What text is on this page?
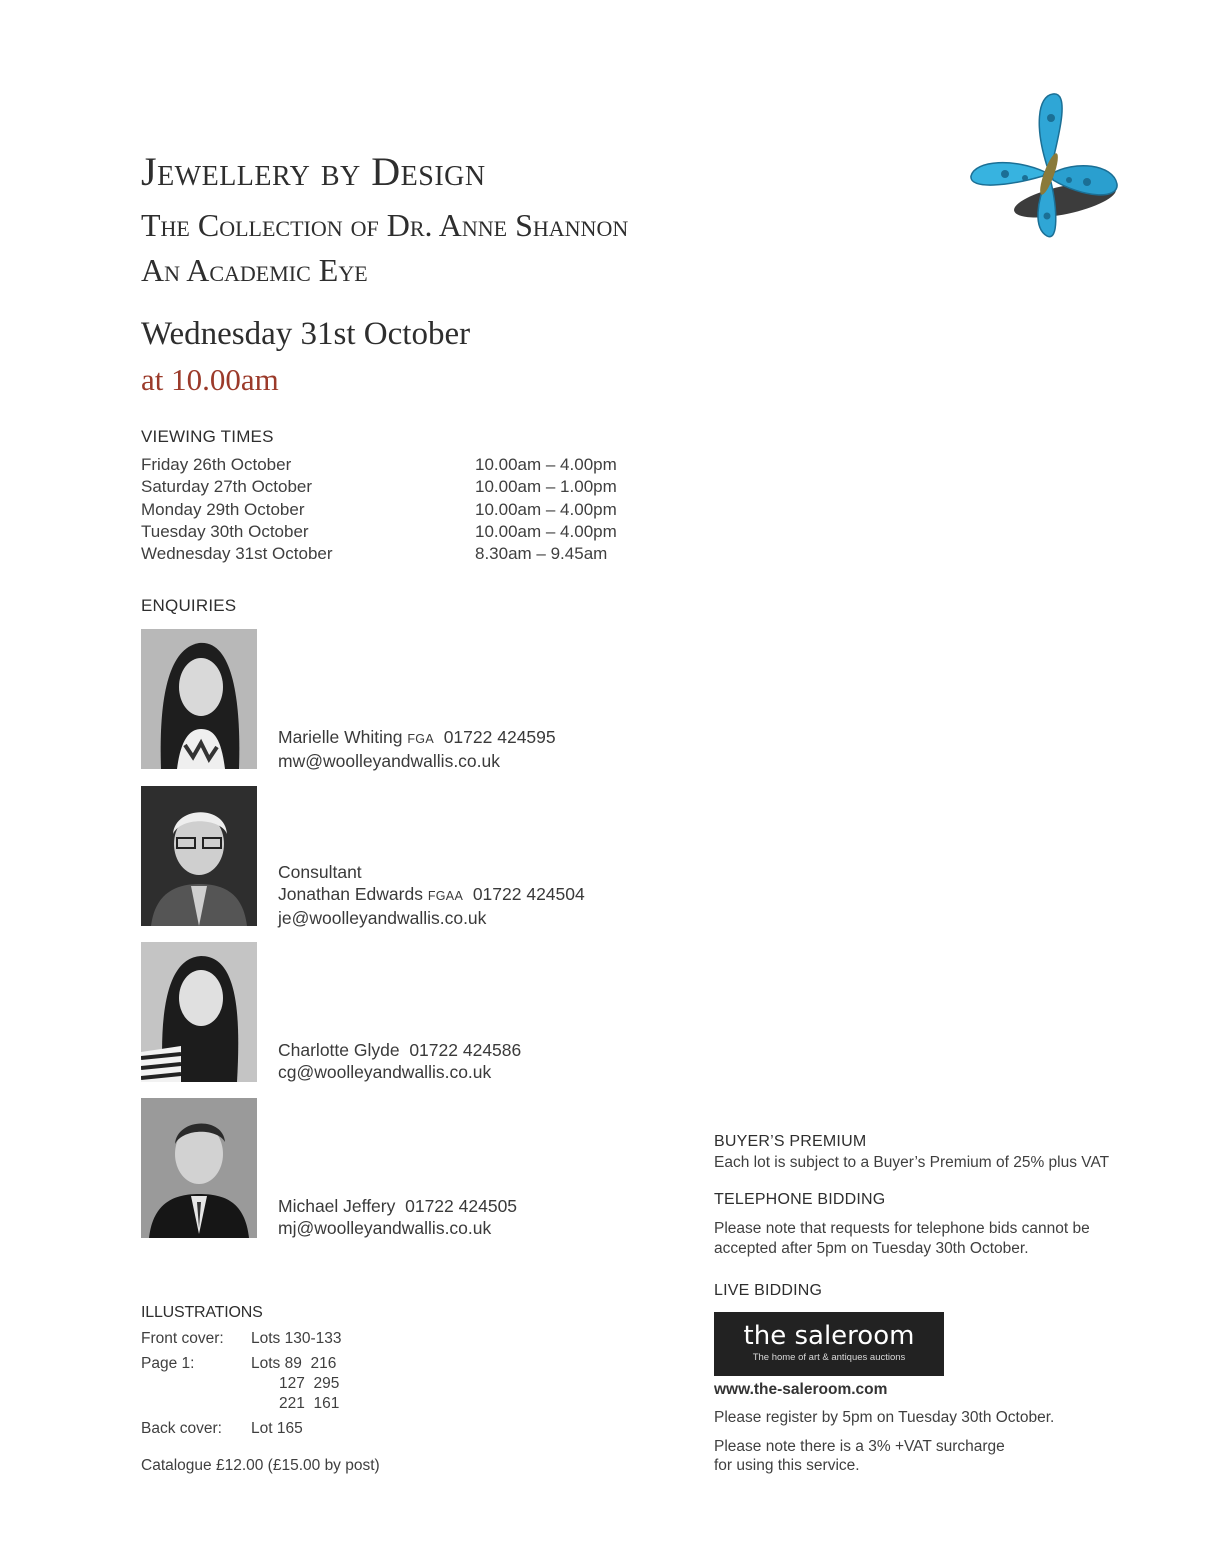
Jewellery by Design
The Collection of Dr. Anne Shannon
An Academic Eye
Wednesday 31st October
at 10.00am
VIEWING TIMES
Friday 26th October	10.00am – 4.00pm
Saturday 27th October	10.00am – 1.00pm
Monday 29th October	10.00am – 4.00pm
Tuesday 30th October	10.00am – 4.00pm
Wednesday 31st October	8.30am – 9.45am
ENQUIRIES
Marielle Whiting FGA 01722 424595
mw@woolleyandwallis.co.uk
Consultant
Jonathan Edwards FGAA 01722 424504
je@woolleyandwallis.co.uk
Charlotte Glyde 01722 424586
cg@woolleyandwallis.co.uk
Michael Jeffery 01722 424505
mj@woolleyandwallis.co.uk
ILLUSTRATIONS
Front cover: Lots 130-133
Page 1:	Lots 89  216
127  295
221  161
Back cover: Lot 165
Catalogue £12.00 (£15.00 by post)
BUYER’S PREMIUM
Each lot is subject to a Buyer’s Premium of 25% plus VAT
TELEPHONE BIDDING
Please note that requests for telephone bids cannot be
accepted after 5pm on Tuesday 30th October.
LIVE BIDDING
the saleroom
The home of art & antiques auctions
www.the-saleroom.com
Please register by 5pm on Tuesday 30th October.
Please note there is a 3% +VAT surcharge
for using this service.
